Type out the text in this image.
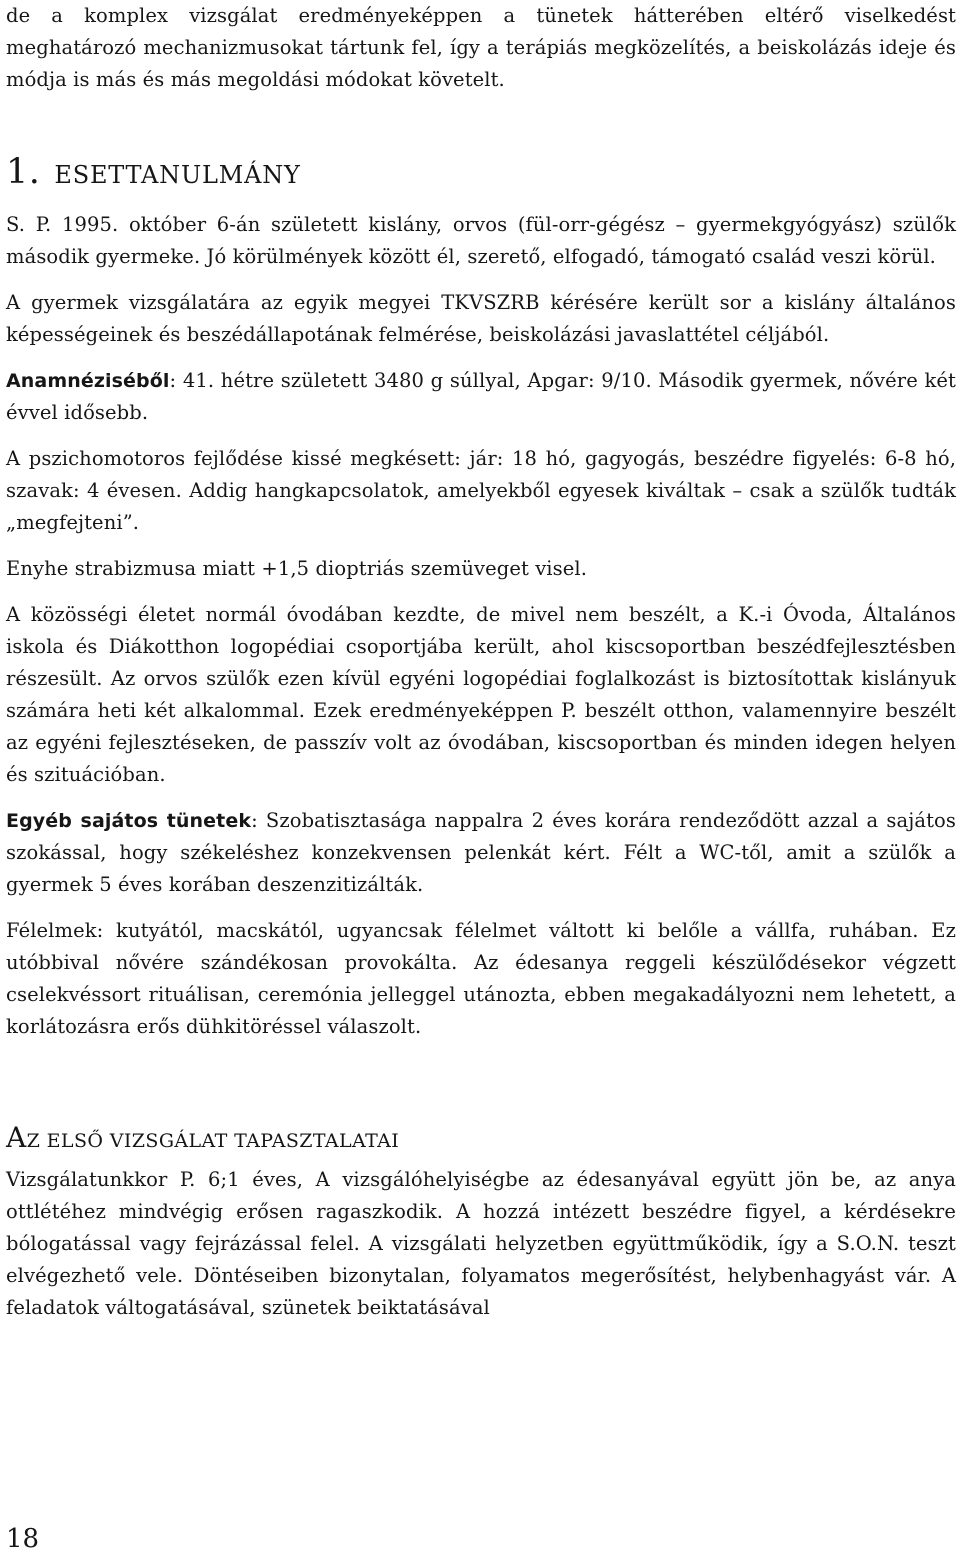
de a komplex vizsgálat eredményeképpen a tünetek hátterében eltérő viselkedést meghatározó mechanizmusokat tártunk fel, így a terápiás megközelítés, a beiskolázás ideje és módja is más és más megoldási módokat követelt.

1. ESETTANULMÁNY

S. P. 1995. október 6-án született kislány, orvos (fül-orr-gégész – gyermekgyógyász) szülők második gyermeke. Jó körülmények között él, szerető, elfogadó, támogató család veszi körül.

A gyermek vizsgálatára az egyik megyei TKVSZRB kérésére került sor a kislány általános képességeinek és beszédállapotának felmérése, beiskolázási javaslattétel céljából.

Anamnéziséből: 41. hétre született 3480 g súllyal, Apgar: 9/10. Második gyermek, nővére két évvel idősebb.

A pszichomotoros fejlődése kissé megkésett: jár: 18 hó, gagyogás, beszédre figyelés: 6-8 hó, szavak: 4 évesen. Addig hangkapcsolatok, amelyekből egyesek kiváltak – csak a szülők tudták „megfejteni”.

Enyhe strabizmusa miatt +1,5 dioptriás szemüveget visel.

A közösségi életet normál óvodában kezdte, de mivel nem beszélt, a K.-i Óvoda, Általános iskola és Diákotthon logopédiai csoportjába került, ahol kiscsoportban beszédfejlesztésben részesült. Az orvos szülők ezen kívül egyéni logopédiai foglalkozást is biztosítottak kislányuk számára heti két alkalommal. Ezek eredményeképpen P. beszélt otthon, valamennyire beszélt az egyéni fejlesztéseken, de passzív volt az óvodában, kiscsoportban és minden idegen helyen és szituációban.

Egyéb sajátos tünetek: Szobatisztasága nappalra 2 éves korára rendeződött azzal a sajátos szokással, hogy székeléshez konzekvensen pelenkát kért. Félt a WC-től, amit a szülők a gyermek 5 éves korában deszenzitizálták.

Félelmek: kutyától, macskától, ugyancsak félelmet váltott ki belőle a vállfa, ruhában. Ez utóbbival nővére szándékosan provokálta. Az édesanya reggeli készülődésekor végzett cselekvéssort rituálisan, ceremónia jelleggel utánozta, ebben megakadályozni nem lehetett, a korlátozásra erős dühkitöréssel válaszolt.

AZ ELSŐ VIZSGÁLAT TAPASZTALATAI

Vizsgálatunkkor P. 6;1 éves, A vizsgálóhelyiségbe az édesanyával együtt jön be, az anya ottlétéhez mindvégig erősen ragaszkodik. A hozzá intézett beszédre figyel, a kérdésekre bólogatással vagy fejrázással felel. A vizsgálati helyzetben együttműködik, így a S.O.N. teszt elvégezhető vele. Döntéseiben bizonytalan, folyamatos megerősítést, helybenhagyást vár. A feladatok váltogatásával, szünetek beiktatásával

18
